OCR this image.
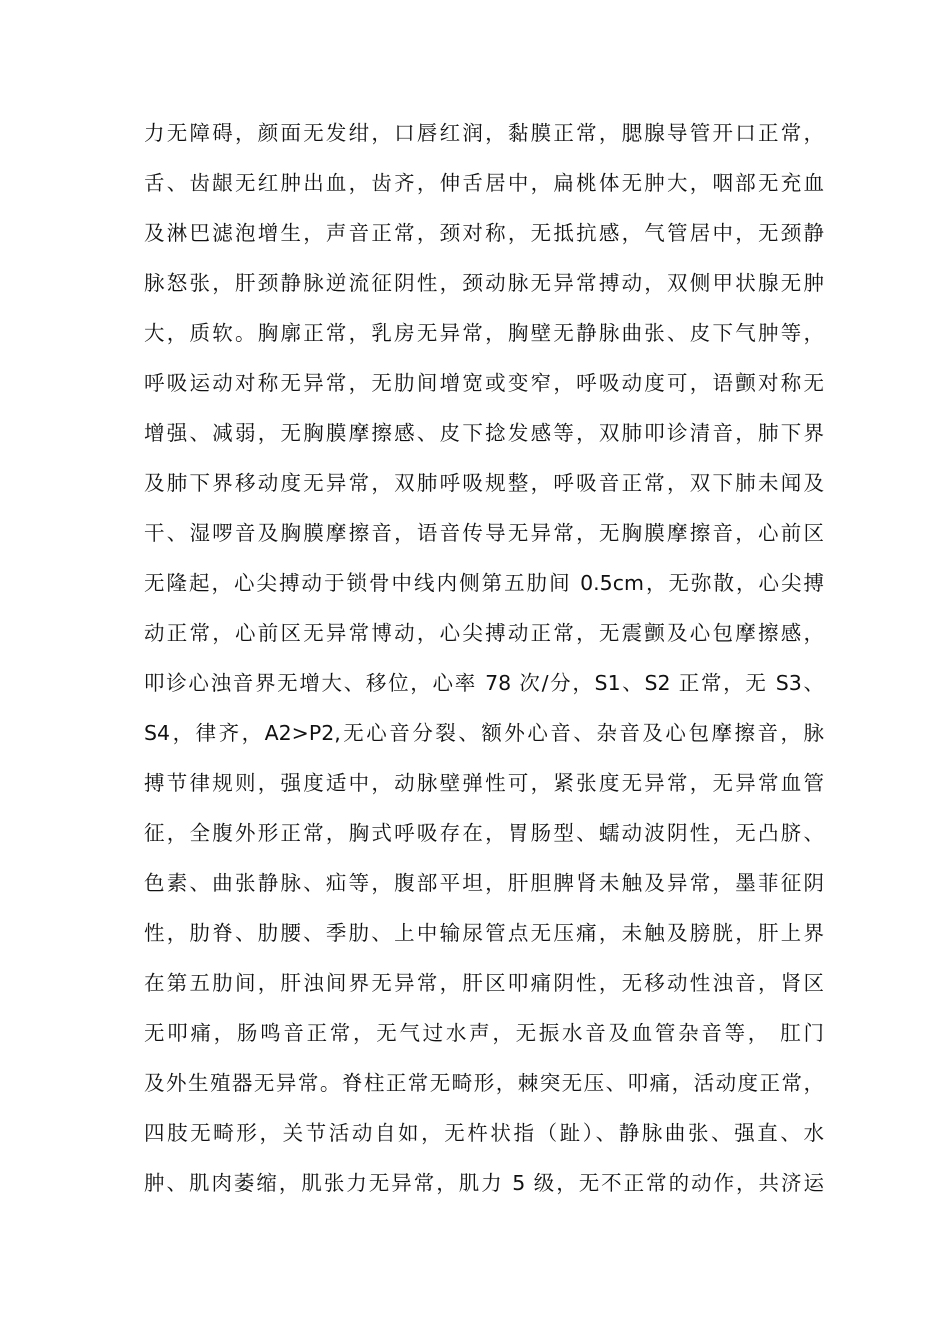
力无障碍，颜面无发绀，口唇红润，黏膜正常，腮腺导管开口正常，
舌、齿龈无红肿出血，齿齐，伸舌居中，扁桃体无肿大，咽部无充血
及淋巴滤泡增生，声音正常，颈对称，无抵抗感，气管居中，无颈静
脉怒张，肝颈静脉逆流征阴性，颈动脉无异常搏动，双侧甲状腺无肿
大，质软。胸廓正常，乳房无异常，胸壁无静脉曲张、皮下气肿等，
呼吸运动对称无异常，无肋间增宽或变窄，呼吸动度可，语颤对称无
增强、减弱，无胸膜摩擦感、皮下捻发感等，双肺叩诊清音，肺下界
及肺下界移动度无异常，双肺呼吸规整，呼吸音正常，双下肺未闻及
干、湿啰音及胸膜摩擦音，语音传导无异常，无胸膜摩擦音，心前区
无隆起，心尖搏动于锁骨中线内侧第五肋间 0.5cm，无弥散，心尖搏
动正常，心前区无异常博动，心尖搏动正常，无震颤及心包摩擦感，
叩诊心浊音界无增大、移位，心率 78 次/分，S1、S2 正常，无 S3、
S4，律齐，A2>P2,无心音分裂、额外心音、杂音及心包摩擦音，脉
搏节律规则，强度适中，动脉壁弹性可，紧张度无异常，无异常血管
征，全腹外形正常，胸式呼吸存在，胃肠型、蠕动波阴性，无凸脐、
色素、曲张静脉、疝等，腹部平坦，肝胆脾肾未触及异常，墨菲征阴
性，肋脊、肋腰、季肋、上中输尿管点无压痛，未触及膀胱，肝上界
在第五肋间，肝浊间界无异常，肝区叩痛阴性，无移动性浊音，肾区
无叩痛，肠鸣音正常，无气过水声，无振水音及血管杂音等， 肛门
及外生殖器无异常。脊柱正常无畸形，棘突无压、叩痛，活动度正常，
四肢无畸形，关节活动自如，无杵状指（趾）、静脉曲张、强直、水
肿、肌肉萎缩，肌张力无异常，肌力 5 级，无不正常的动作，共济运
